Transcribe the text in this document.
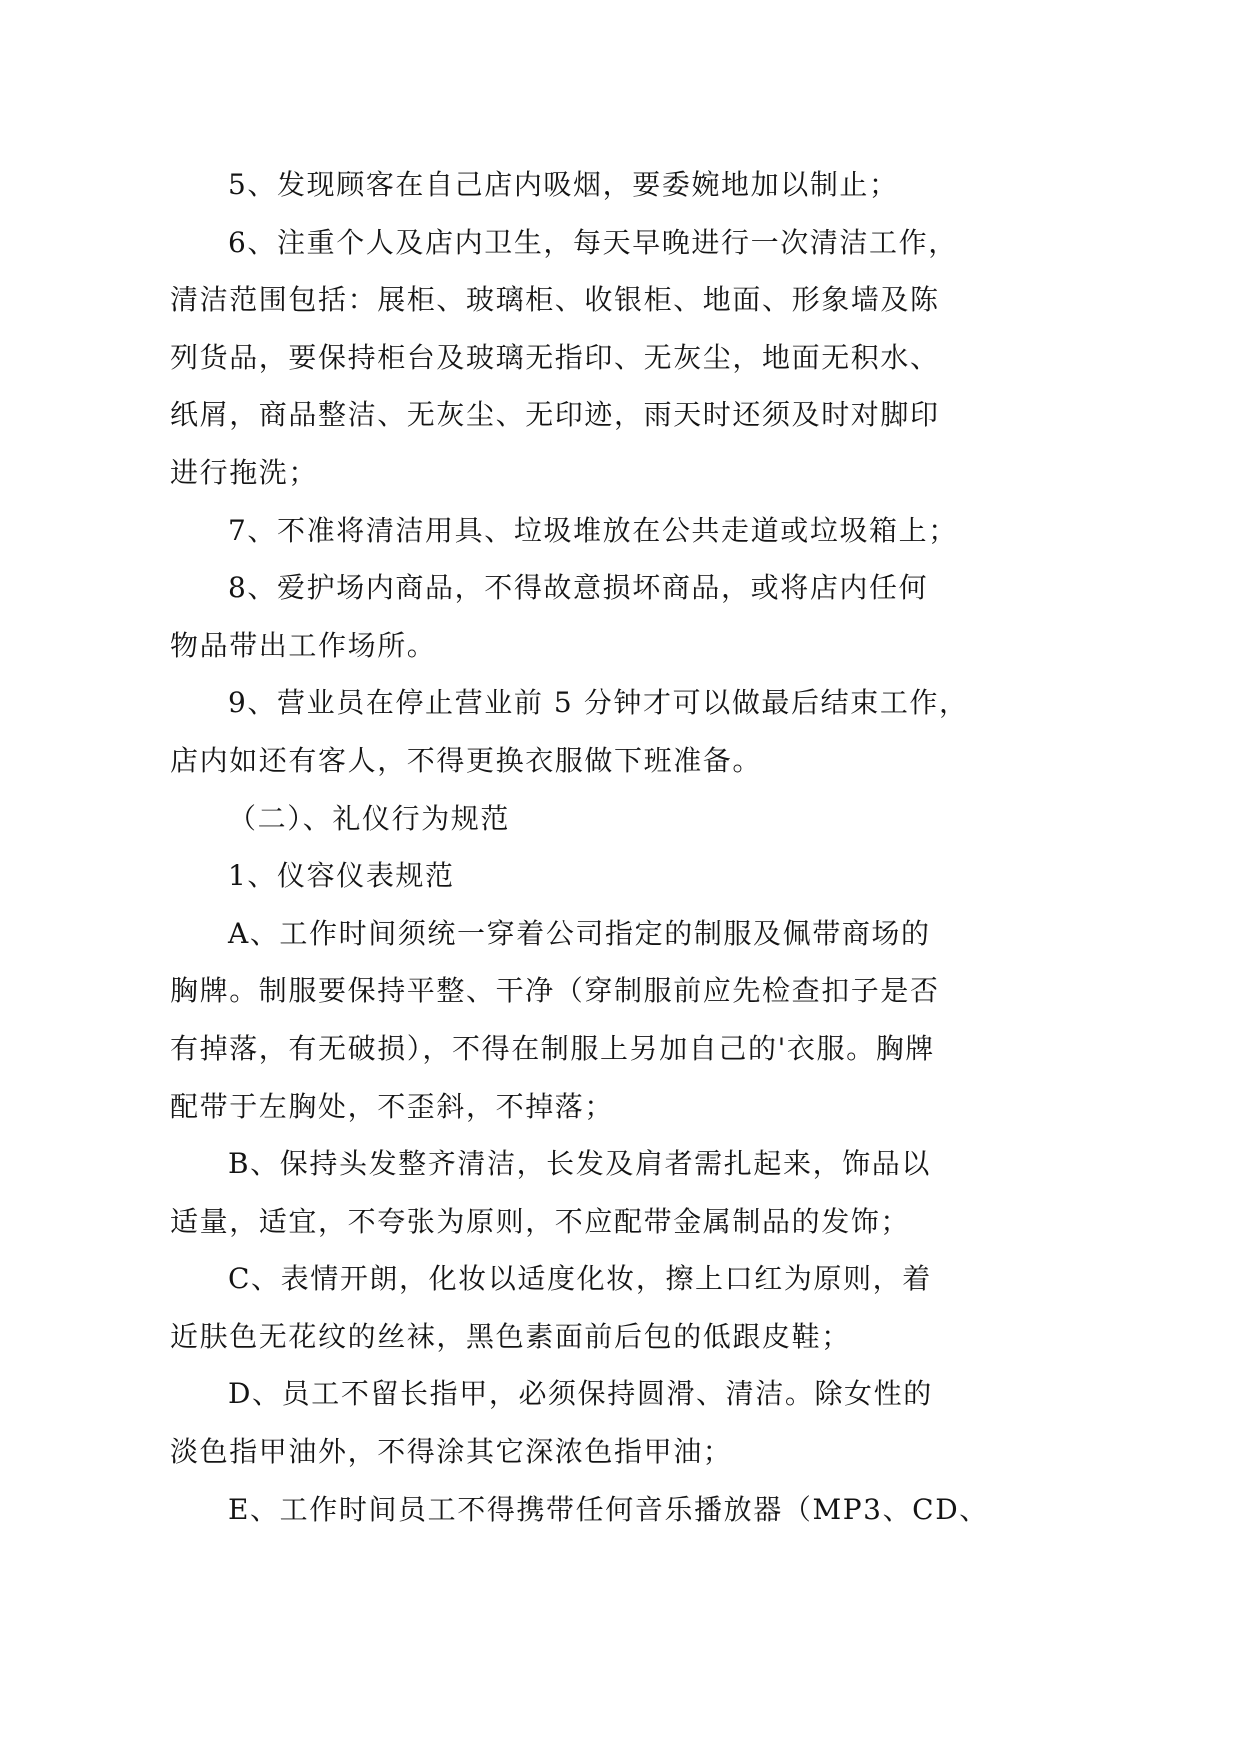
5、发现顾客在自己店内吸烟，要委婉地加以制止；
6、注重个人及店内卫生，每天早晚进行一次清洁工作，
清洁范围包括：展柜、玻璃柜、收银柜、地面、形象墙及陈
列货品，要保持柜台及玻璃无指印、无灰尘，地面无积水、
纸屑，商品整洁、无灰尘、无印迹，雨天时还须及时对脚印
进行拖洗；
7、不准将清洁用具、垃圾堆放在公共走道或垃圾箱上；
8、爱护场内商品，不得故意损坏商品，或将店内任何
物品带出工作场所。
9、营业员在停止营业前 5 分钟才可以做最后结束工作，
店内如还有客人，不得更换衣服做下班准备。
（二）、礼仪行为规范
1、仪容仪表规范
A、工作时间须统一穿着公司指定的制服及佩带商场的
胸牌。制服要保持平整、干净（穿制服前应先检查扣子是否
有掉落，有无破损），不得在制服上另加自己的'衣服。胸牌
配带于左胸处，不歪斜，不掉落；
B、保持头发整齐清洁，长发及肩者需扎起来，饰品以
适量，适宜，不夸张为原则，不应配带金属制品的发饰；
C、表情开朗，化妆以适度化妆，擦上口红为原则，着
近肤色无花纹的丝袜，黑色素面前后包的低跟皮鞋；
D、员工不留长指甲，必须保持圆滑、清洁。除女性的
淡色指甲油外，不得涂其它深浓色指甲油；
E、工作时间员工不得携带任何音乐播放器（MP3、CD、
